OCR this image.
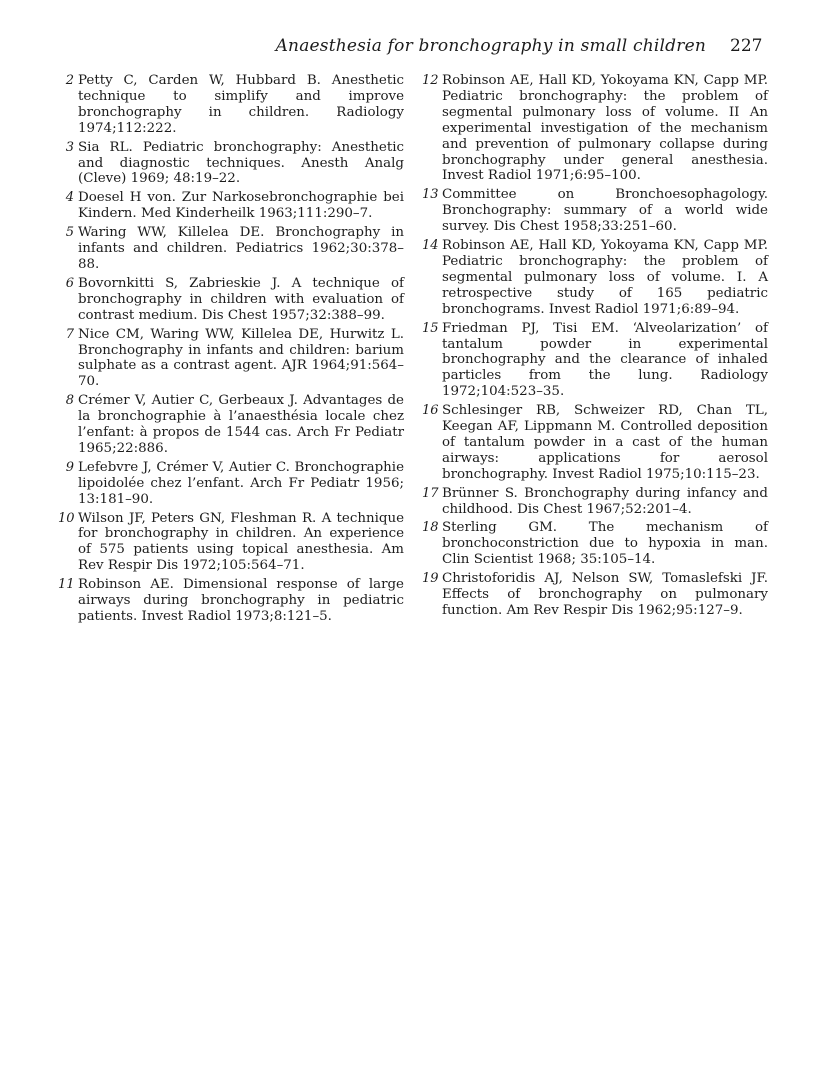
Anaesthesia for bronchography in small children 227

2 Petty C, Carden W, Hubbard B. Anesthetic technique to simplify and improve bronchography in children. Radiology 1974;112:222.

3 Sia RL. Pediatric bronchography: Anesthetic and diagnostic techniques. Anesth Analg (Cleve) 1969; 48:19–22.

4 Doesel H von. Zur Narkosebronchographie bei Kindern. Med Kinderheilk 1963;111:290–7.

5 Waring WW, Killelea DE. Bronchography in infants and children. Pediatrics 1962;30:378–88.

6 Bovornkitti S, Zabrieskie J. A technique of bronchography in children with evaluation of contrast medium. Dis Chest 1957;32:388–99.

7 Nice CM, Waring WW, Killelea DE, Hurwitz L. Bronchography in infants and children: barium sulphate as a contrast agent. AJR 1964;91:564–70.

8 Crémer V, Autier C, Gerbeaux J. Advantages de la bronchographie à l’anaesthésia locale chez l’enfant: à propos de 1544 cas. Arch Fr Pediatr 1965;22:886.

9 Lefebvre J, Crémer V, Autier C. Bronchographie lipoidolée chez l’enfant. Arch Fr Pediatr 1956; 13:181–90.

10 Wilson JF, Peters GN, Fleshman R. A technique for bronchography in children. An experience of 575 patients using topical anesthesia. Am Rev Respir Dis 1972;105:564–71.

11 Robinson AE. Dimensional response of large airways during bronchography in pediatric patients. Invest Radiol 1973;8:121–5.

12 Robinson AE, Hall KD, Yokoyama KN, Capp MP. Pediatric bronchography: the problem of segmental pulmonary loss of volume. II An experimental investigation of the mechanism and prevention of pulmonary collapse during bronchography under general anesthesia. Invest Radiol 1971;6:95–100.

13 Committee on Bronchoesophagology. Bronchography: summary of a world wide survey. Dis Chest 1958;33:251–60.

14 Robinson AE, Hall KD, Yokoyama KN, Capp MP. Pediatric bronchography: the problem of segmental pulmonary loss of volume. I. A retrospective study of 165 pediatric bronchograms. Invest Radiol 1971;6:89–94.

15 Friedman PJ, Tisi EM. ‘Alveolarization’ of tantalum powder in experimental bronchography and the clearance of inhaled particles from the lung. Radiology 1972;104:523–35.

16 Schlesinger RB, Schweizer RD, Chan TL, Keegan AF, Lippmann M. Controlled deposition of tantalum powder in a cast of the human airways: applications for aerosol bronchography. Invest Radiol 1975;10:115–23.

17 Brünner S. Bronchography during infancy and childhood. Dis Chest 1967;52:201–4.

18 Sterling GM. The mechanism of bronchoconstriction due to hypoxia in man. Clin Scientist 1968; 35:105–14.

19 Christoforidis AJ, Nelson SW, Tomaslefski JF. Effects of bronchography on pulmonary function. Am Rev Respir Dis 1962;95:127–9.
